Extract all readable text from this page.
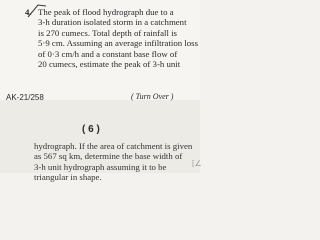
4. The peak of flood hydrograph due to a
3-h duration isolated storm in a catchment
is 270 cumecs. Total depth of rainfall is
5·9 cm. Assuming an average infiltration loss
of 0·3 cm/h and a constant base flow of
20 cumecs, estimate the peak of 3-h unit

AK-21/258	( Turn Over )
( 6 )

hydrograph. If the area of catchment is given
as 567 sq km, determine the base width of
3-h unit hydrograph assuming it to be
triangular in shape.

[∠
